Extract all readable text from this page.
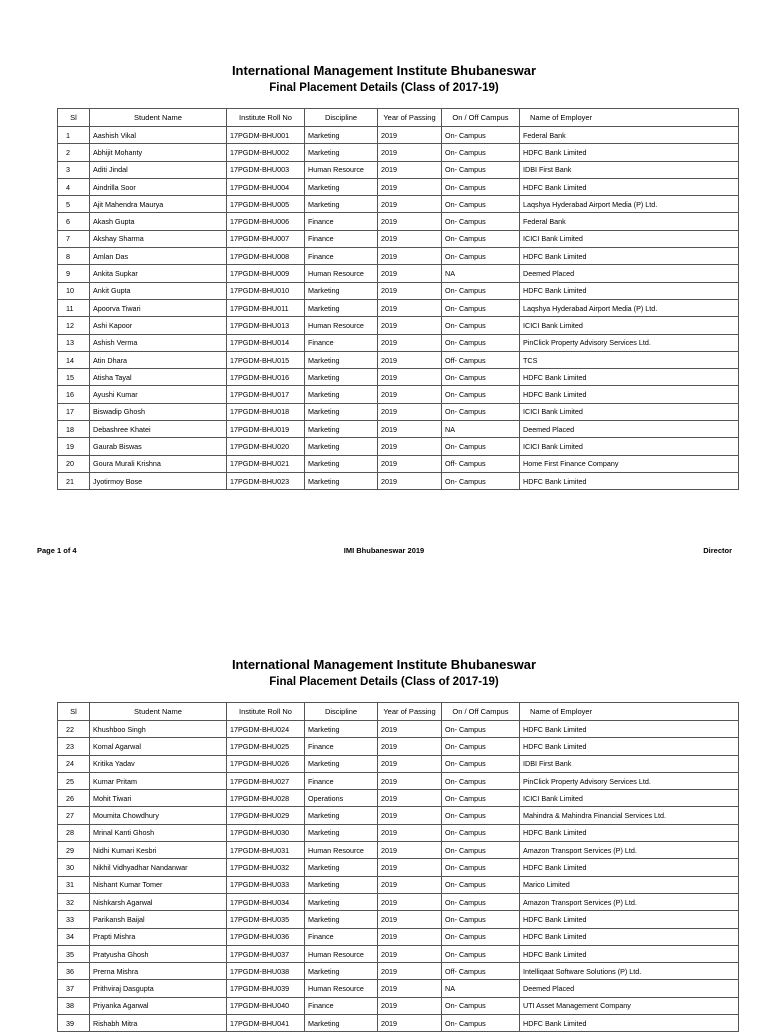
International Management Institute Bhubaneswar
Final Placement Details (Class of 2017-19)
Sl	Student Name	Institute Roll No	Discipline	Year of Passing	On / Off Campus	Name of Employer
1	Aashish Vikal	17PGDM-BHU001	Marketing	2019	On- Campus	Federal Bank
2	Abhijit Mohanty	17PGDM-BHU002	Marketing	2019	On- Campus	HDFC Bank Limited
3	Aditi Jindal	17PGDM-BHU003	Human Resource	2019	On- Campus	IDBI First Bank
4	Aindrilla Soor	17PGDM-BHU004	Marketing	2019	On- Campus	HDFC Bank Limited
5	Ajit Mahendra Maurya	17PGDM-BHU005	Marketing	2019	On- Campus	Laqshya Hyderabad Airport Media (P) Ltd.
6	Akash Gupta	17PGDM-BHU006	Finance	2019	On- Campus	Federal Bank
7	Akshay Sharma	17PGDM-BHU007	Finance	2019	On- Campus	ICICI Bank Limited
8	Amlan Das	17PGDM-BHU008	Finance	2019	On- Campus	HDFC Bank Limited
9	Ankita Supkar	17PGDM-BHU009	Human Resource	2019	NA	Deemed Placed
10	Ankit Gupta	17PGDM-BHU010	Marketing	2019	On- Campus	HDFC Bank Limited
11	Apoorva Tiwari	17PGDM-BHU011	Marketing	2019	On- Campus	Laqshya Hyderabad Airport Media (P) Ltd.
12	Ashi Kapoor	17PGDM-BHU013	Human Resource	2019	On- Campus	ICICI Bank Limited
13	Ashish Verma	17PGDM-BHU014	Finance	2019	On- Campus	PinClick Property Advisory Services Ltd.
14	Atin Dhara	17PGDM-BHU015	Marketing	2019	Off- Campus	TCS
15	Atisha Tayal	17PGDM-BHU016	Marketing	2019	On- Campus	HDFC Bank Limited
16	Ayushi Kumar	17PGDM-BHU017	Marketing	2019	On- Campus	HDFC Bank Limited
17	Biswadip Ghosh	17PGDM-BHU018	Marketing	2019	On- Campus	ICICI Bank Limited
18	Debashree Khatei	17PGDM-BHU019	Marketing	2019	NA	Deemed Placed
19	Gaurab Biswas	17PGDM-BHU020	Marketing	2019	On- Campus	ICICI Bank Limited
20	Goura Murali Krishna	17PGDM-BHU021	Marketing	2019	Off- Campus	Home First Finance Company
21	Jyotirmoy Bose	17PGDM-BHU023	Marketing	2019	On- Campus	HDFC Bank Limited
Page 1 of 4	IMI Bhubaneswar 2019	Director
International Management Institute Bhubaneswar
Final Placement Details (Class of 2017-19)
Sl	Student Name	Institute Roll No	Discipline	Year of Passing	On / Off Campus	Name of Employer
22	Khushboo Singh	17PGDM-BHU024	Marketing	2019	On- Campus	HDFC Bank Limited
23	Komal Agarwal	17PGDM-BHU025	Finance	2019	On- Campus	HDFC Bank Limited
24	Kritika Yadav	17PGDM-BHU026	Marketing	2019	On- Campus	IDBI First Bank
25	Kumar Pritam	17PGDM-BHU027	Finance	2019	On- Campus	PinClick Property Advisory Services Ltd.
26	Mohit Tiwari	17PGDM-BHU028	Operations	2019	On- Campus	ICICI Bank Limited
27	Moumita Chowdhury	17PGDM-BHU029	Marketing	2019	On- Campus	Mahindra & Mahindra Financial Services Ltd.
28	Mrinal Kanti Ghosh	17PGDM-BHU030	Marketing	2019	On- Campus	HDFC Bank Limited
29	Nidhi Kumari Kesbri	17PGDM-BHU031	Human Resource	2019	On- Campus	Amazon Transport Services (P) Ltd.
30	Nikhil Vidhyadhar Nandanwar	17PGDM-BHU032	Marketing	2019	On- Campus	HDFC Bank Limited
31	Nishant Kumar Tomer	17PGDM-BHU033	Marketing	2019	On- Campus	Marico Limited
32	Nishkarsh Agarwal	17PGDM-BHU034	Marketing	2019	On- Campus	Amazon Transport Services (P) Ltd.
33	Parikansh Baijal	17PGDM-BHU035	Marketing	2019	On- Campus	HDFC Bank Limited
34	Prapti Mishra	17PGDM-BHU036	Finance	2019	On- Campus	HDFC Bank Limited
35	Pratyusha Ghosh	17PGDM-BHU037	Human Resource	2019	On- Campus	HDFC Bank Limited
36	Prerna Mishra	17PGDM-BHU038	Marketing	2019	Off- Campus	Intelliqaat Software Solutions (P) Ltd.
37	Prithviraj Dasgupta	17PGDM-BHU039	Human Resource	2019	NA	Deemed Placed
38	Priyanka Agarwal	17PGDM-BHU040	Finance	2019	On- Campus	UTI Asset Management Company
39	Rishabh Mitra	17PGDM-BHU041	Marketing	2019	On- Campus	HDFC Bank Limited
